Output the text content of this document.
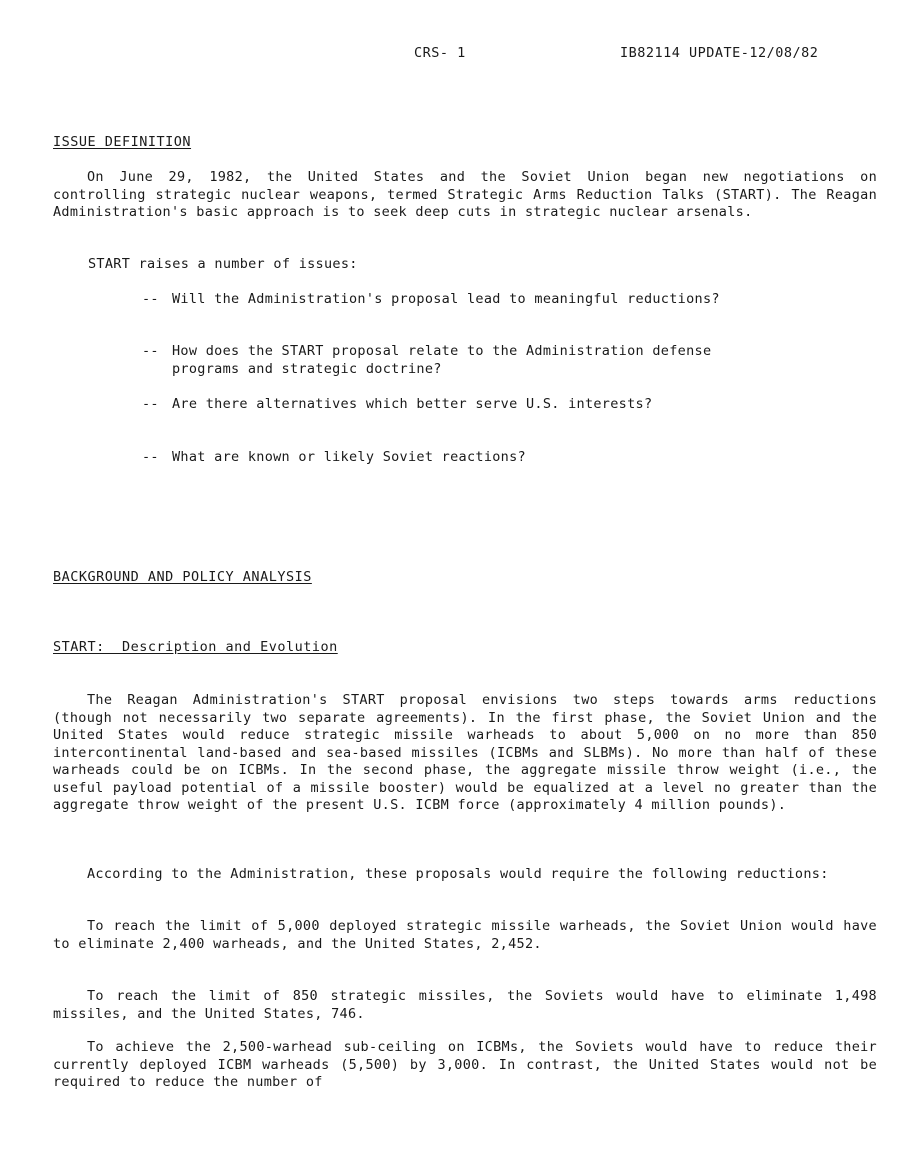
CRS- 1	IB82114 UPDATE-12/08/82
ISSUE DEFINITION

On June 29, 1982, the United States and the Soviet Union began new negotiations on controlling strategic nuclear weapons, termed Strategic Arms Reduction Talks (START). The Reagan Administration's basic approach is to seek deep cuts in strategic nuclear arsenals.

START raises a number of issues:
-- Will the Administration's proposal lead to meaningful reductions?
-- How does the START proposal relate to the Administration defense programs and strategic doctrine?
-- Are there alternatives which better serve U.S. interests?
-- What are known or likely Soviet reactions?
BACKGROUND AND POLICY ANALYSIS
START:  Description and Evolution

The Reagan Administration's START proposal envisions two steps towards arms reductions (though not necessarily two separate agreements). In the first phase, the Soviet Union and the United States would reduce strategic missile warheads to about 5,000 on no more than 850 intercontinental land-based and sea-based missiles (ICBMs and SLBMs). No more than half of these warheads could be on ICBMs. In the second phase, the aggregate missile throw weight (i.e., the useful payload potential of a missile booster) would be equalized at a level no greater than the aggregate throw weight of the present U.S. ICBM force (approximately 4 million pounds).

According to the Administration, these proposals would require the following reductions:

To reach the limit of 5,000 deployed strategic missile warheads, the Soviet Union would have to eliminate 2,400 warheads, and the United States, 2,452.

To reach the limit of 850 strategic missiles, the Soviets would have to eliminate 1,498 missiles, and the United States, 746.

To achieve the 2,500-warhead sub-ceiling on ICBMs, the Soviets would have to reduce their currently deployed ICBM warheads (5,500) by 3,000. In contrast, the United States would not be required to reduce the number of
